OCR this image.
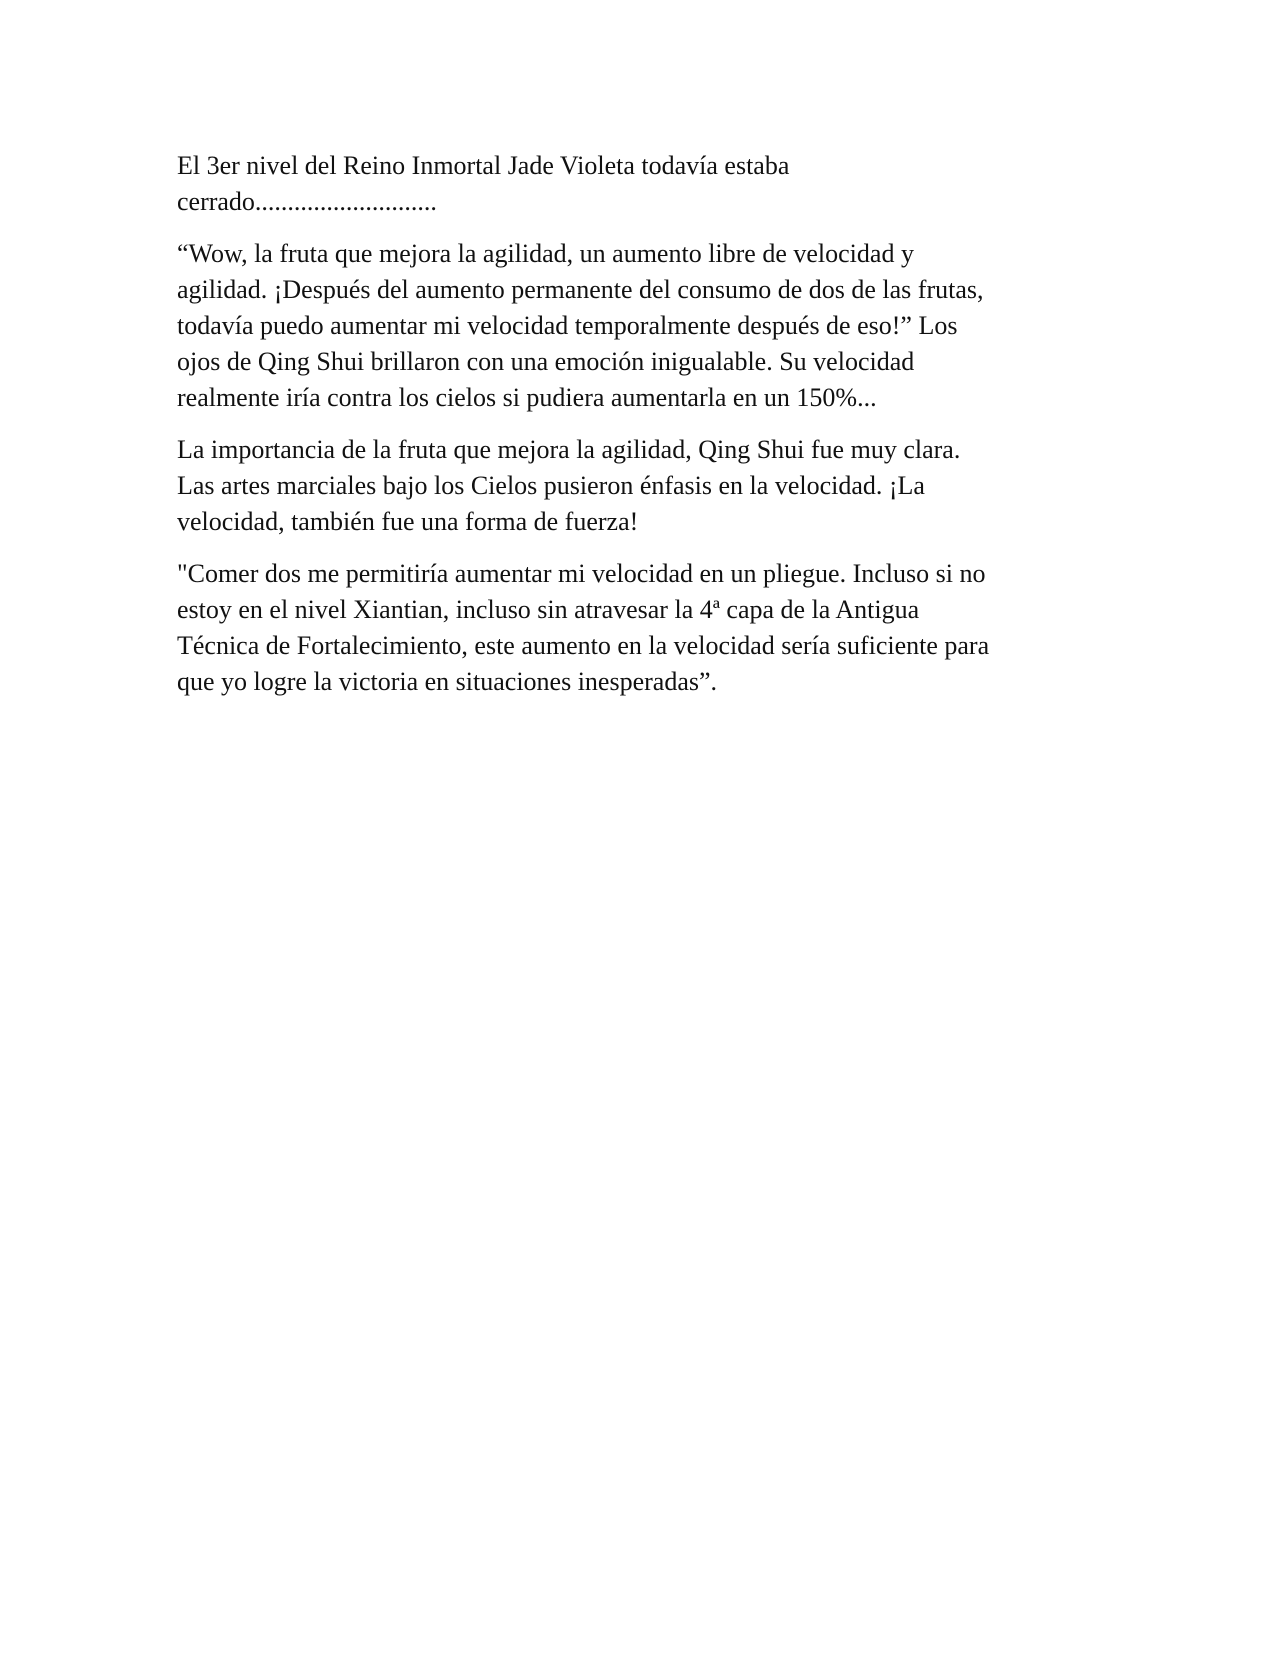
El 3er nivel del Reino Inmortal Jade Violeta todavía estaba
cerrado............................

“Wow, la fruta que mejora la agilidad, un aumento libre de velocidad y
agilidad. ¡Después del aumento permanente del consumo de dos de las frutas,
todavía puedo aumentar mi velocidad temporalmente después de eso!” Los
ojos de Qing Shui brillaron con una emoción inigualable. Su velocidad
realmente iría contra los cielos si pudiera aumentarla en un 150%...

La importancia de la fruta que mejora la agilidad, Qing Shui fue muy clara.
Las artes marciales bajo los Cielos pusieron énfasis en la velocidad. ¡La
velocidad, también fue una forma de fuerza!

"Comer dos me permitiría aumentar mi velocidad en un pliegue. Incluso si no
estoy en el nivel Xiantian, incluso sin atravesar la 4ª capa de la Antigua
Técnica de Fortalecimiento, este aumento en la velocidad sería suficiente para
que yo logre la victoria en situaciones inesperadas”.
